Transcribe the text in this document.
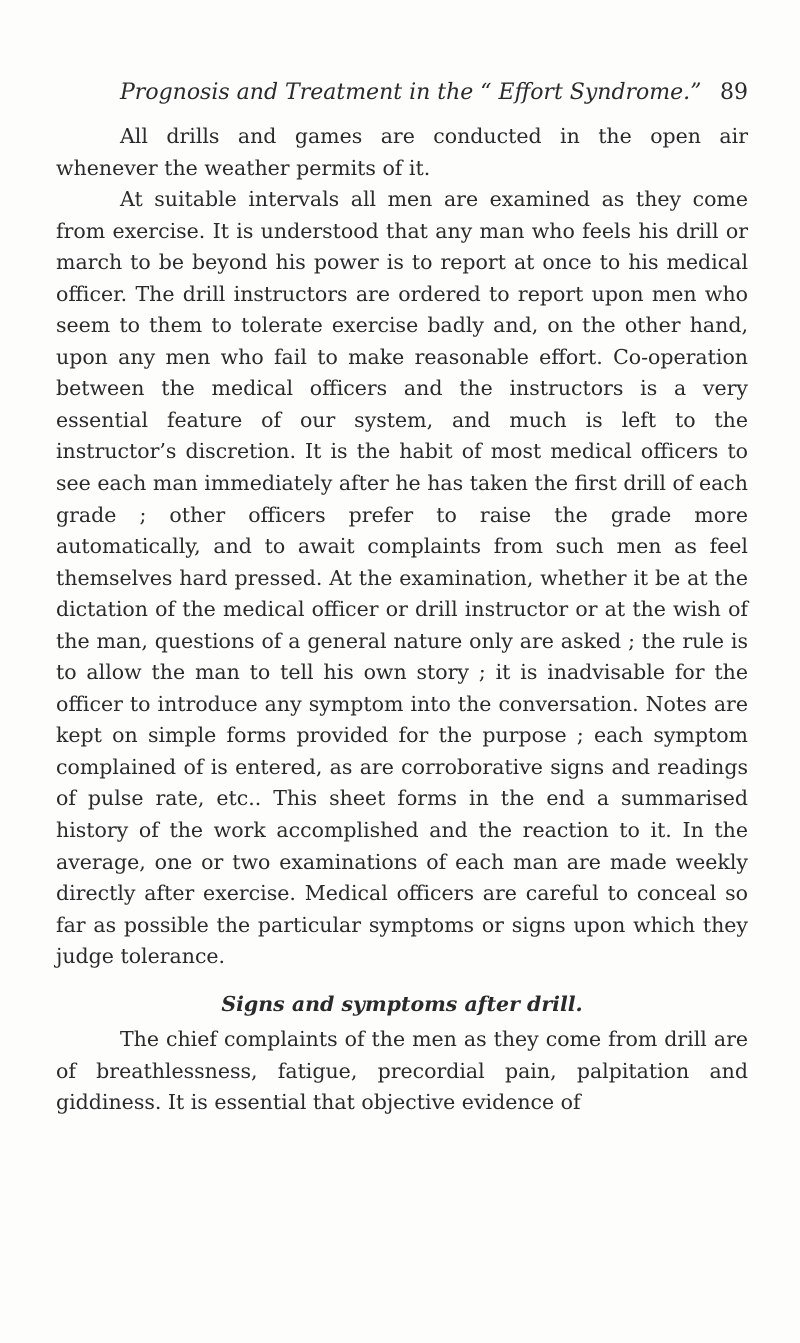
Prognosis and Treatment in the “ Effort Syndrome.” 89

All drills and games are conducted in the open air whenever the weather permits of it.

At suitable intervals all men are examined as they come from exercise. It is understood that any man who feels his drill or march to be beyond his power is to report at once to his medical officer. The drill instructors are ordered to report upon men who seem to them to tolerate exercise badly and, on the other hand, upon any men who fail to make reasonable effort. Co-operation between the medical officers and the instructors is a very essential feature of our system, and much is left to the instructor’s discretion. It is the habit of most medical officers to see each man immediately after he has taken the first drill of each grade ; other officers prefer to raise the grade more automatically, and to await complaints from such men as feel themselves hard pressed. At the examination, whether it be at the dictation of the medical officer or drill instructor or at the wish of the man, questions of a general nature only are asked ; the rule is to allow the man to tell his own story ; it is inadvisable for the officer to introduce any symptom into the conversation. Notes are kept on simple forms provided for the purpose ; each symptom complained of is entered, as are corroborative signs and readings of pulse rate, etc.. This sheet forms in the end a summarised history of the work accomplished and the reaction to it. In the average, one or two examinations of each man are made weekly directly after exercise. Medical officers are careful to conceal so far as possible the particular symptoms or signs upon which they judge tolerance.

Signs and symptoms after drill.

The chief complaints of the men as they come from drill are of breathlessness, fatigue, precordial pain, palpitation and giddiness. It is essential that objective evidence of
